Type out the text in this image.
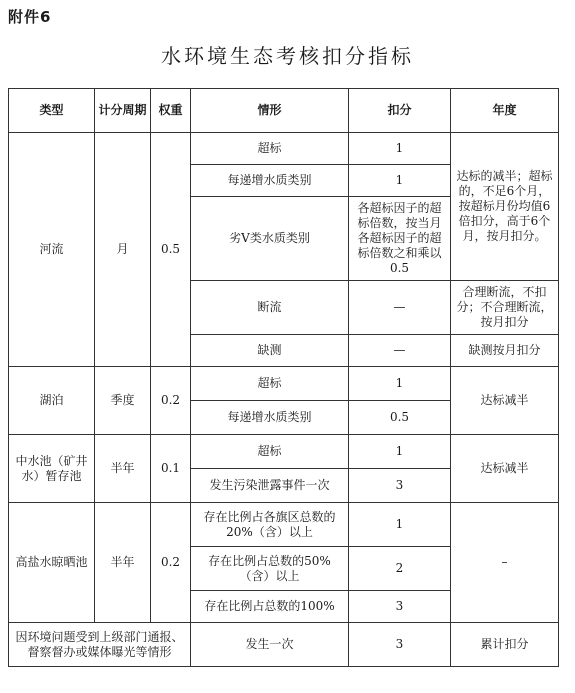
附件6
水环境生态考核扣分指标
类型	计分周期	权重	情形	扣分	年度
河流	月	0.5	超标	1	达标的减半；超标的，不足6个月，按超标月份均值6倍扣分，高于6个月，按月扣分。
			每递增水质类别	1	
			劣V类水质类别	各超标因子的超标倍数，按当月各超标因子的超标倍数之和乘以0.5	
			断流	—	合理断流，不扣分；不合理断流，按月扣分
			缺测	—	缺测按月扣分
湖泊	季度	0.2	超标	1	达标减半
			每递增水质类别	0.5	
中水池（矿井水）暂存池	半年	0.1	超标	1	达标减半
			发生污染泄露事件一次	3	
高盐水晾晒池	半年	0.2	存在比例占各旗区总数的20%（含）以上	1	–
			存在比例占总数的50%（含）以上	2	
			存在比例占总数的100%	3	
因环境问题受到上级部门通报、督察督办或媒体曝光等情形			发生一次	3	累计扣分
